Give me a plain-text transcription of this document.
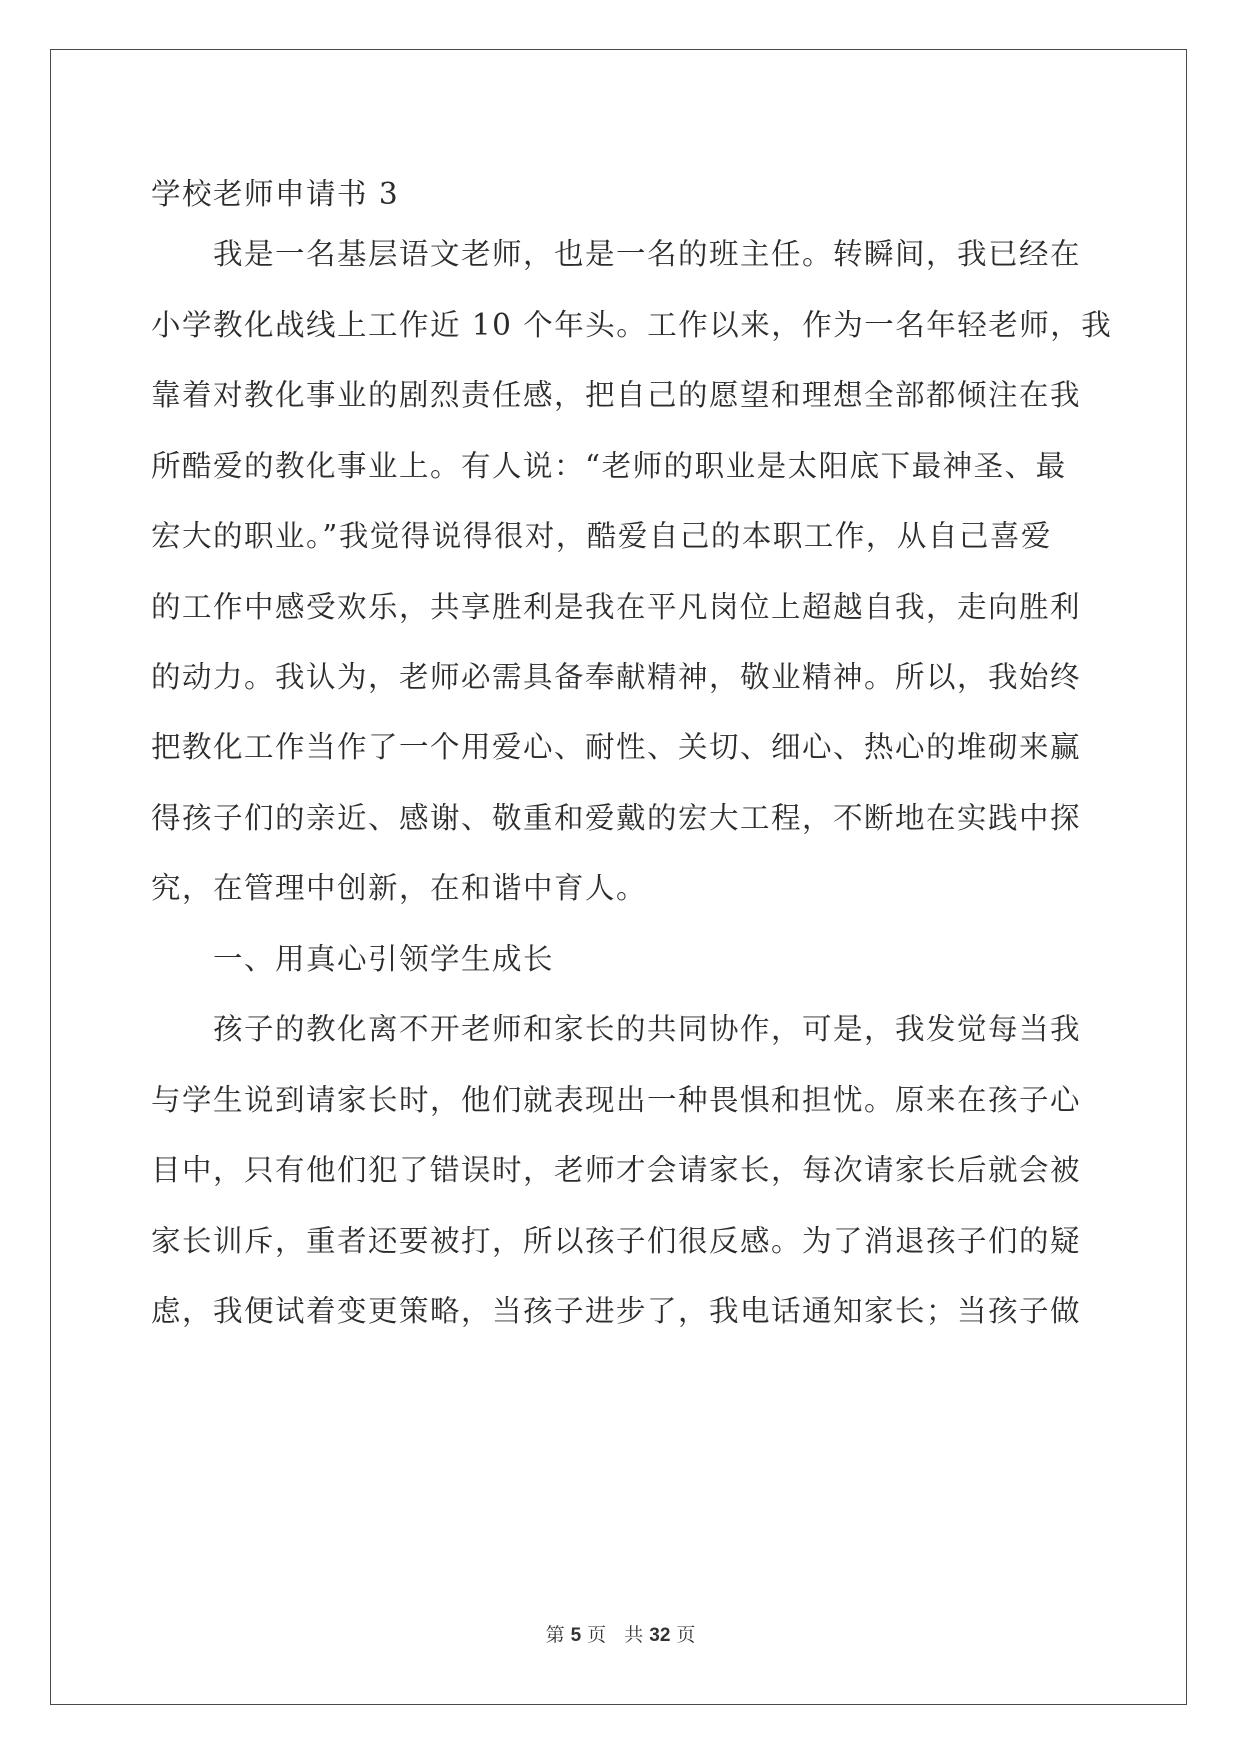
学校老师申请书 3
我是一名基层语文老师，也是一名的班主任。转瞬间，我已经在
小学教化战线上工作近 10 个年头。工作以来，作为一名年轻老师，我
靠着对教化事业的剧烈责任感，把自己的愿望和理想全部都倾注在我
所酷爱的教化事业上。有人说：“老师的职业是太阳底下最神圣、最
宏大的职业。”我觉得说得很对，酷爱自己的本职工作，从自己喜爱
的工作中感受欢乐，共享胜利是我在平凡岗位上超越自我，走向胜利
的动力。我认为，老师必需具备奉献精神，敬业精神。所以，我始终
把教化工作当作了一个用爱心、耐性、关切、细心、热心的堆砌来赢
得孩子们的亲近、感谢、敬重和爱戴的宏大工程，不断地在实践中探
究，在管理中创新，在和谐中育人。
一、用真心引领学生成长
孩子的教化离不开老师和家长的共同协作，可是，我发觉每当我
与学生说到请家长时，他们就表现出一种畏惧和担忧。原来在孩子心
目中，只有他们犯了错误时，老师才会请家长，每次请家长后就会被
家长训斥，重者还要被打，所以孩子们很反感。为了消退孩子们的疑
虑，我便试着变更策略，当孩子进步了，我电话通知家长；当孩子做
第 5 页 共 32 页
